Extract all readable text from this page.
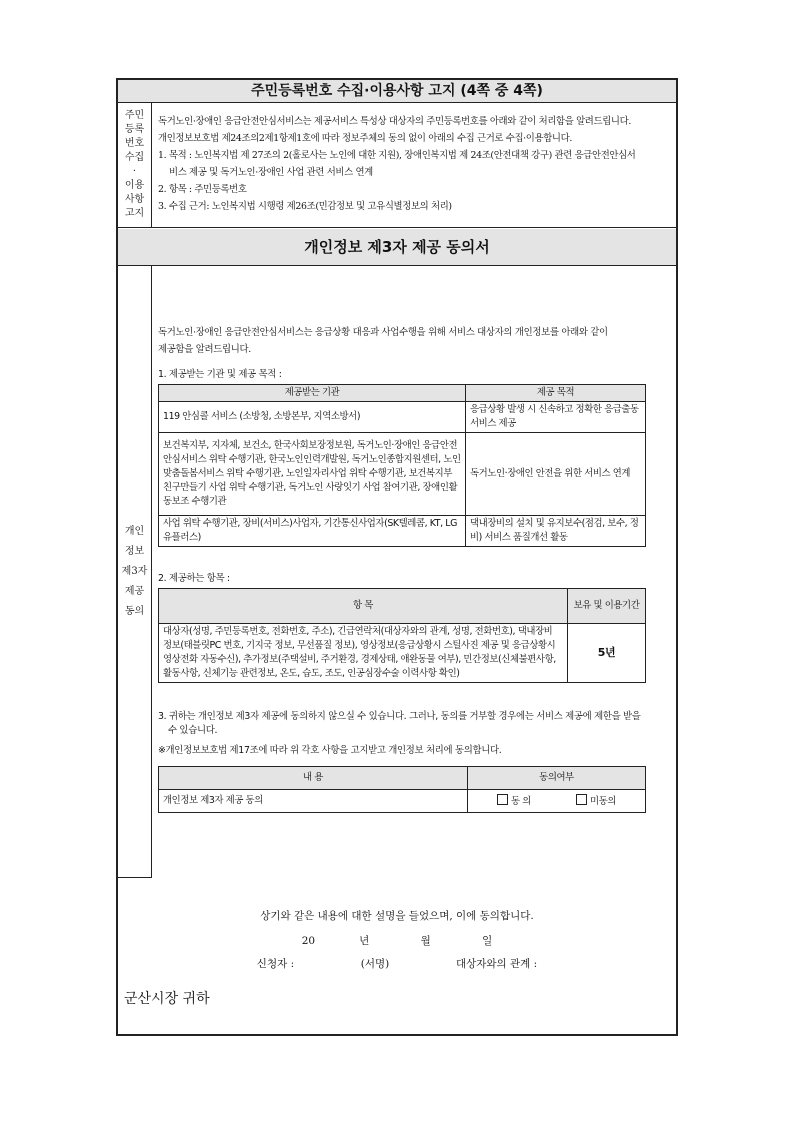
주민등록번호 수집·이용사항 고지 (4쪽 중 4쪽)
주민
등록
번호
수집
·
이용
사항
고지
독거노인·장애인 응급안전안심서비스는 제공서비스 특성상 대상자의 주민등록번호를 아래와 같이 처리함을 알려드립니다.
개인정보보호법 제24조의2제1항제1호에 따라 정보주체의 동의 없이 아래의 수집 근거로 수집·이용합니다.
1. 목적 : 노인복지법 제 27조의 2(홀로사는 노인에 대한 지원), 장애인복지법 제 24조(안전대책 강구) 관련 응급안전안심서
비스 제공 및 독거노인·장애인 사업 관련 서비스 연계
2. 항목 : 주민등록번호
3. 수집 근거: 노인복지법 시행령 제26조(민감정보 및 고유식별정보의 처리)
개인정보 제3자 제공 동의서
개인
정보
제3자
제공
동의
독거노인·장애인 응급안전안심서비스는 응급상황 대응과 사업수행을 위해 서비스 대상자의 개인정보를 아래와 같이
제공함을 알려드립니다.
1. 제공받는 기관 및 제공 목적 :
제공받는 기관	제공 목적
119 안심콜 서비스 (소방청, 소방본부, 지역소방서)	응급상황 발생 시 신속하고 정확한 응급출동 서비스 제공
보건복지부, 지자체, 보건소, 한국사회보장정보원, 독거노인·장애인 응급안전안심서비스 위탁 수행기관, 한국노인인력개발원, 독거노인종합지원센터, 노인맞춤돌봄서비스 위탁 수행기관, 노인일자리사업 위탁 수행기관, 보건복지부 친구만들기 사업 위탁 수행기관, 독거노인 사랑잇기 사업 참여기관, 장애인활동보조 수행기관	독거노인·장애인 안전을 위한 서비스 연계
사업 위탁 수행기관, 장비(서비스)사업자, 기간통신사업자(SK텔레콤, KT, LG유플러스)	댁내장비의 설치 및 유지보수(점검, 보수, 정비) 서비스 품질개선 활동
2. 제공하는 항목 :
항 목	보유 및 이용기간
대상자(성명, 주민등록번호, 전화번호, 주소), 긴급연락처(대상자와의 관계, 성명, 전화번호), 댁내장비 정보(태블릿PC 번호, 기지국 정보, 무선품질 정보), 영상정보(응급상황시 스틸사진 제공 및 응급상황시 영상전화 자동수신), 추가정보(주택설비, 주거환경, 경제상태, 애완동물 여부), 민간정보(신체불편사항, 활동사항, 신체기능 관련정보, 온도, 습도, 조도, 인공심장수술 이력사항 확인)	5년
3. 귀하는 개인정보 제3자 제공에 동의하지 않으실 수 있습니다. 그러나, 동의를 거부할 경우에는 서비스 제공에 제한을 받을
수 있습니다.
※개인정보보호법 제17조에 따라 위 각호 사항을 고지받고 개인정보 처리에 동의합니다.
내 용	동의여부
개인정보 제3자 제공 동의	동 의 미동의
상기와 같은 내용에 대한 설명을 들었으며, 이에 동의합니다.
20	년	월	일
신청자 :	(서명)	대상자와의 관계 :
군산시장 귀하
